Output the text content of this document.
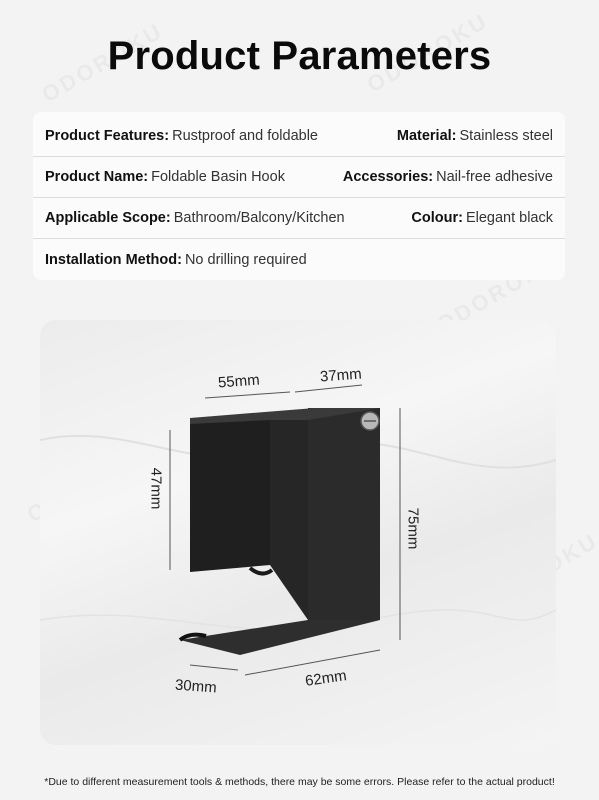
Product Parameters
Product Features: Rustproof and foldable	Material: Stainless steel
Product Name: Foldable Basin Hook	Accessories: Nail-free adhesive
Applicable Scope: Bathroom/Balcony/Kitchen	Colour: Elegant black
Installation Method: No drilling required
55mm	37mm
47mm
75mm
30mm	62mm
*Due to different measurement tools & methods, there may be some errors. Please refer to the actual product!
